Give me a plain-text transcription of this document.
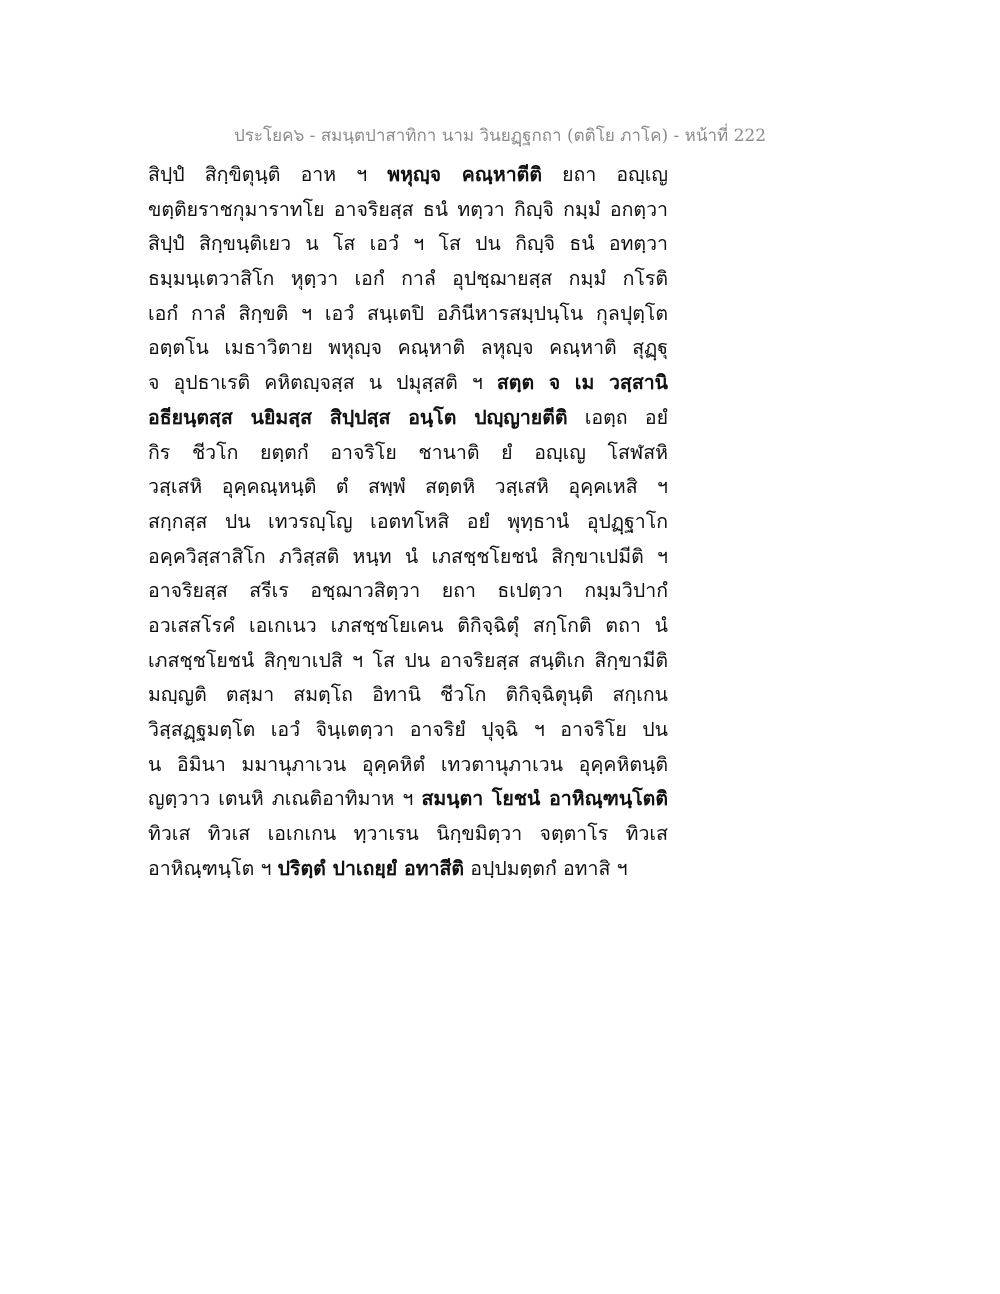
ประโยค๖ - สมนฺตปาสาทิกา นาม วินยฏฺฐกถา (ตติโย ภาโค) - หน้าที่ 222
สิปฺปํ สิกฺขิตุนฺติ อาห ฯ พหุญฺจ คณฺหาตีติ ยถา อญฺเญ
ขตฺติยราชกุมาราทโย อาจริยสฺส ธนํ ทตฺวา กิญฺจิ กมฺมํ อกตฺวา
สิปฺปํ สิกฺขนฺติเยว น โส เอวํ ฯ โส ปน กิญฺจิ ธนํ อทตฺวา
ธมฺมนฺเตวาสิโก หุตฺวา เอกํ กาลํ อุปชฺฌายสฺส กมฺมํ กโรติ
เอกํ กาลํ สิกฺขติ ฯ เอวํ สนฺเตปิ อภินีหารสมฺปนฺโน กุลปุตฺโต
อตฺตโน เมธาวิตาย พหุญฺจ คณฺหาติ ลหุญฺจ คณฺหาติ สุฏฺฐุ
จ อุปธาเรติ คหิตญฺจสฺส น ปมุสฺสติ ฯ สตฺต จ เม วสฺสานิ
อธียนฺตสฺส นยิมสฺส สิปฺปสฺส อนฺโต ปญฺญายตีติ เอตฺถ อยํ
กิร ชีวโก ยตฺตกํ อาจริโย ชานาติ ยํ อญฺเญ โสฬสหิ
วสฺเสหิ อุคฺคณฺหนฺติ ตํ สพฺพํ สตฺตหิ วสฺเสหิ อุคฺคเหสิ ฯ
สกฺกสฺส ปน เทวรญฺโญ เอตทโหสิ อยํ พุทฺธานํ อุปฏฺฐาโก
อคฺควิสฺสาสิโก ภวิสฺสติ หนฺท นํ เภสชฺชโยชนํ สิกฺขาเปมีติ ฯ
อาจริยสฺส สรีเร อชฺฌาวสิตฺวา ยถา ธเปตฺวา กมฺมวิปากํ
อวเสสโรคํ เอเกเนว เภสชฺชโยเคน ติกิจฺฉิตุํ สกฺโกติ ตถา นํ
เภสชฺชโยชนํ สิกฺขาเปสิ ฯ โส ปน อาจริยสฺส สนฺติเก สิกฺขามีติ
มญฺญติ ตสฺมา สมตฺโถ อิทานิ ชีวโก ติกิจฺฉิตุนฺติ สกฺเกน
วิสฺสฏฺฐมตฺโต เอวํ จินฺเตตฺวา อาจริยํ ปุจฺฉิ ฯ อาจริโย ปน
น อิมินา มมานุภาเวน อุคฺคหิตํ เทวตานุภาเวน อุคฺคหิตนฺติ
ญตฺวาว เตนหิ ภเณติอาทิมาห ฯ สมนฺตา โยชนํ อาหิณฺฑนฺโตติ
ทิวเส ทิวเส เอเกเกน ทฺวาเรน นิกฺขมิตฺวา จตฺตาโร ทิวเส
อาหิณฺฑนฺโต ฯ ปริตฺตํ ปาเถยฺยํ อทาสีติ อปฺปมตฺตกํ อทาสิ ฯ
